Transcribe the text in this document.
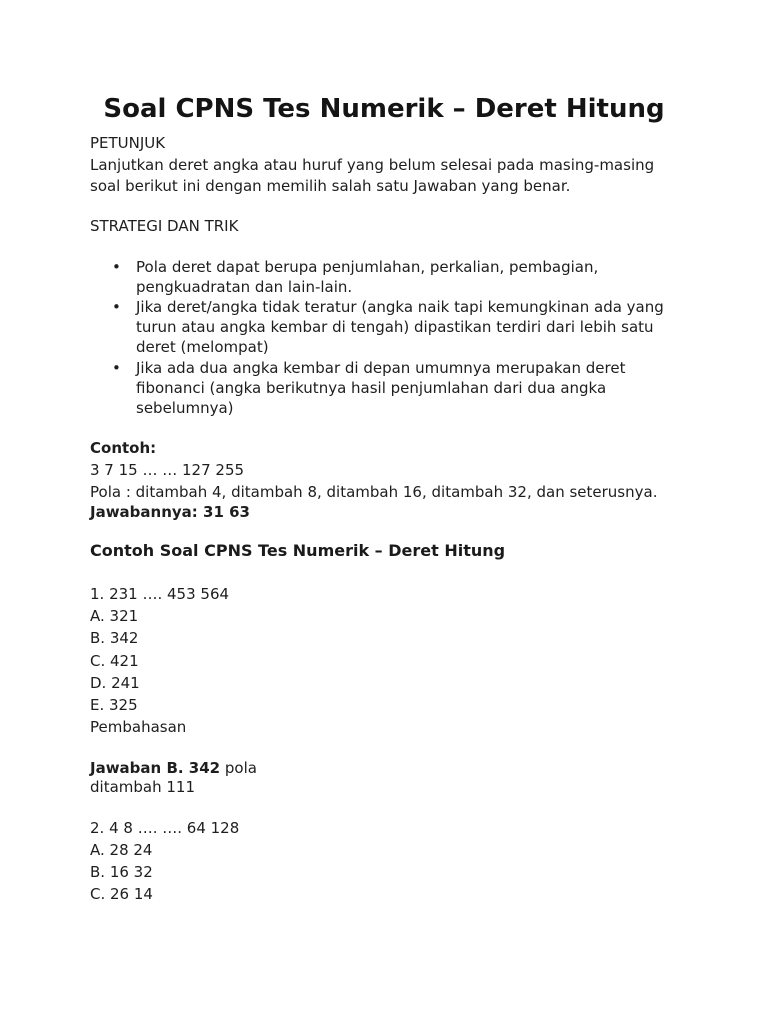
Soal CPNS Tes Numerik – Deret Hitung
PETUNJUK
Lanjutkan deret angka atau huruf yang belum selesai pada masing-masing
soal berikut ini dengan memilih salah satu Jawaban yang benar.
STRATEGI DAN TRIK
• Pola deret dapat berupa penjumlahan, perkalian, pembagian,
pengkuadratan dan lain-lain.
• Jika deret/angka tidak teratur (angka naik tapi kemungkinan ada yang
turun atau angka kembar di tengah) dipastikan terdiri dari lebih satu
deret (melompat)
• Jika ada dua angka kembar di depan umumnya merupakan deret
fibonanci (angka berikutnya hasil penjumlahan dari dua angka
sebelumnya)
Contoh:
3 7 15 … … 127 255
Pola : ditambah 4, ditambah 8, ditambah 16, ditambah 32, dan seterusnya.
Jawabannya: 31 63
Contoh Soal CPNS Tes Numerik – Deret Hitung
1. 231 …. 453 564
A. 321
B. 342
C. 421
D. 241
E. 325
Pembahasan
Jawaban B. 342 pola
ditambah 111
2. 4 8 …. …. 64 128
A. 28 24
B. 16 32
C. 26 14
